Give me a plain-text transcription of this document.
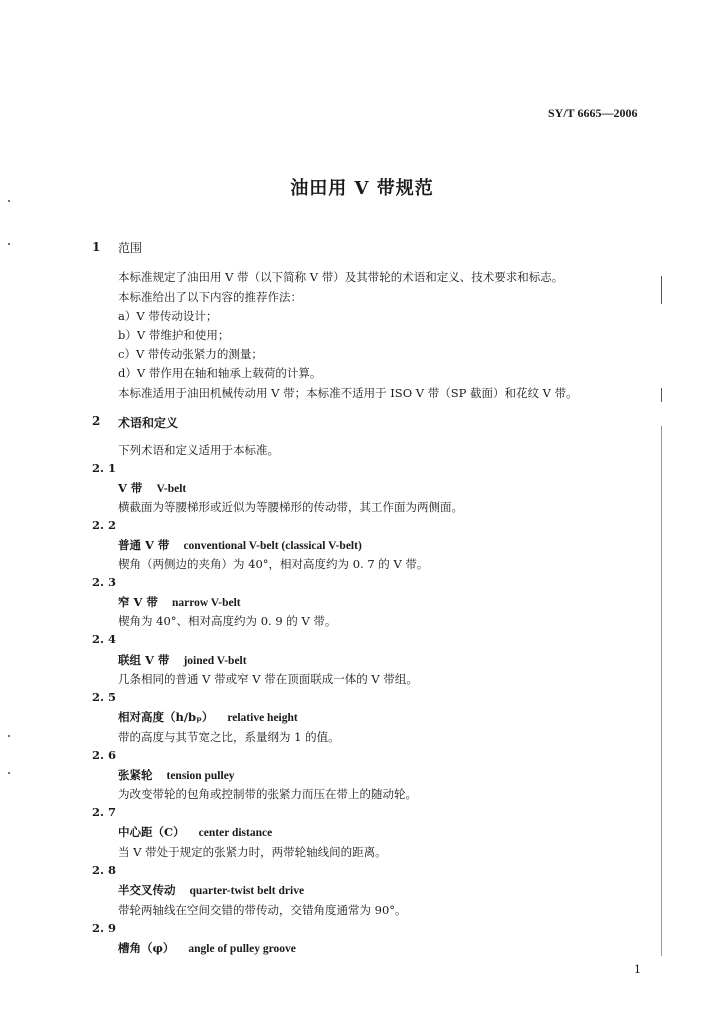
SY/T 6665—2006
油田用 V 带规范
1 范围
本标准规定了油田用 V 带（以下简称 V 带）及其带轮的术语和定义、技术要求和标志。
本标准给出了以下内容的推荐作法：
a）V 带传动设计；
b）V 带维护和使用；
c）V 带传动张紧力的测量；
d）V 带作用在轴和轴承上载荷的计算。
本标准适用于油田机械传动用 V 带；本标准不适用于 ISO V 带（SP 截面）和花纹 V 带。
2 术语和定义
下列术语和定义适用于本标准。
2. 1
V 带 V-belt
横截面为等腰梯形或近似为等腰梯形的传动带，其工作面为两侧面。
2. 2
普通 V 带 conventional V-belt (classical V-belt)
楔角（两侧边的夹角）为 40°，相对高度约为 0. 7 的 V 带。
2. 3
窄 V 带 narrow V-belt
楔角为 40°、相对高度约为 0. 9 的 V 带。
2. 4
联组 V 带 joined V-belt
几条相同的普通 V 带或窄 V 带在顶面联成一体的 V 带组。
2. 5
相对高度（h/bₚ） relative height
带的高度与其节宽之比，系量纲为 1 的值。
2. 6
张紧轮 tension pulley
为改变带轮的包角或控制带的张紧力而压在带上的随动轮。
2. 7
中心距（C） center distance
当 V 带处于规定的张紧力时，两带轮轴线间的距离。
2. 8
半交叉传动 quarter-twist belt drive
带轮两轴线在空间交错的带传动，交错角度通常为 90°。
2. 9
槽角（φ） angle of pulley groove
1
